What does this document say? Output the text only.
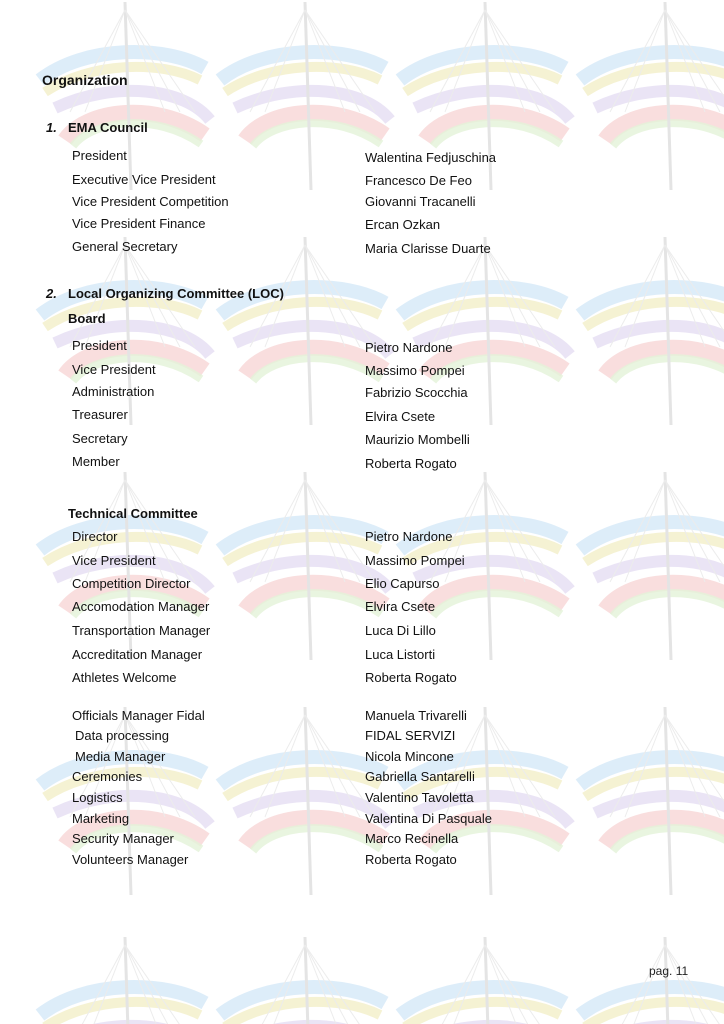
Organization
1. EMA Council
President	Walentina Fedjuschina
Executive Vice President	Francesco De Feo
Vice President Competition	Giovanni Tracanelli
Vice President Finance	Ercan Ozkan
General Secretary	Maria Clarisse Duarte
2. Local Organizing Committee (LOC)
Board
President	Pietro Nardone
Vice President	Massimo Pompei
Administration	Fabrizio Scocchia
Treasurer	Elvira Csete
Secretary	Maurizio Mombelli
Member	Roberta Rogato
Technical Committee
Director	Pietro Nardone
Vice President	Massimo Pompei
Competition Director	Elio Capurso
Accomodation Manager	Elvira Csete
Transportation Manager	Luca Di Lillo
Accreditation Manager	Luca Listorti
Athletes Welcome	Roberta Rogato
Officials Manager Fidal	Manuela Trivarelli
Data processing	FIDAL SERVIZI
Media Manager	Nicola Mincone
Ceremonies	Gabriella Santarelli
Logistics	Valentino Tavoletta
Marketing	Valentina Di Pasquale
Security Manager	Marco Recinella
Volunteers Manager	Roberta Rogato
pag. 11
